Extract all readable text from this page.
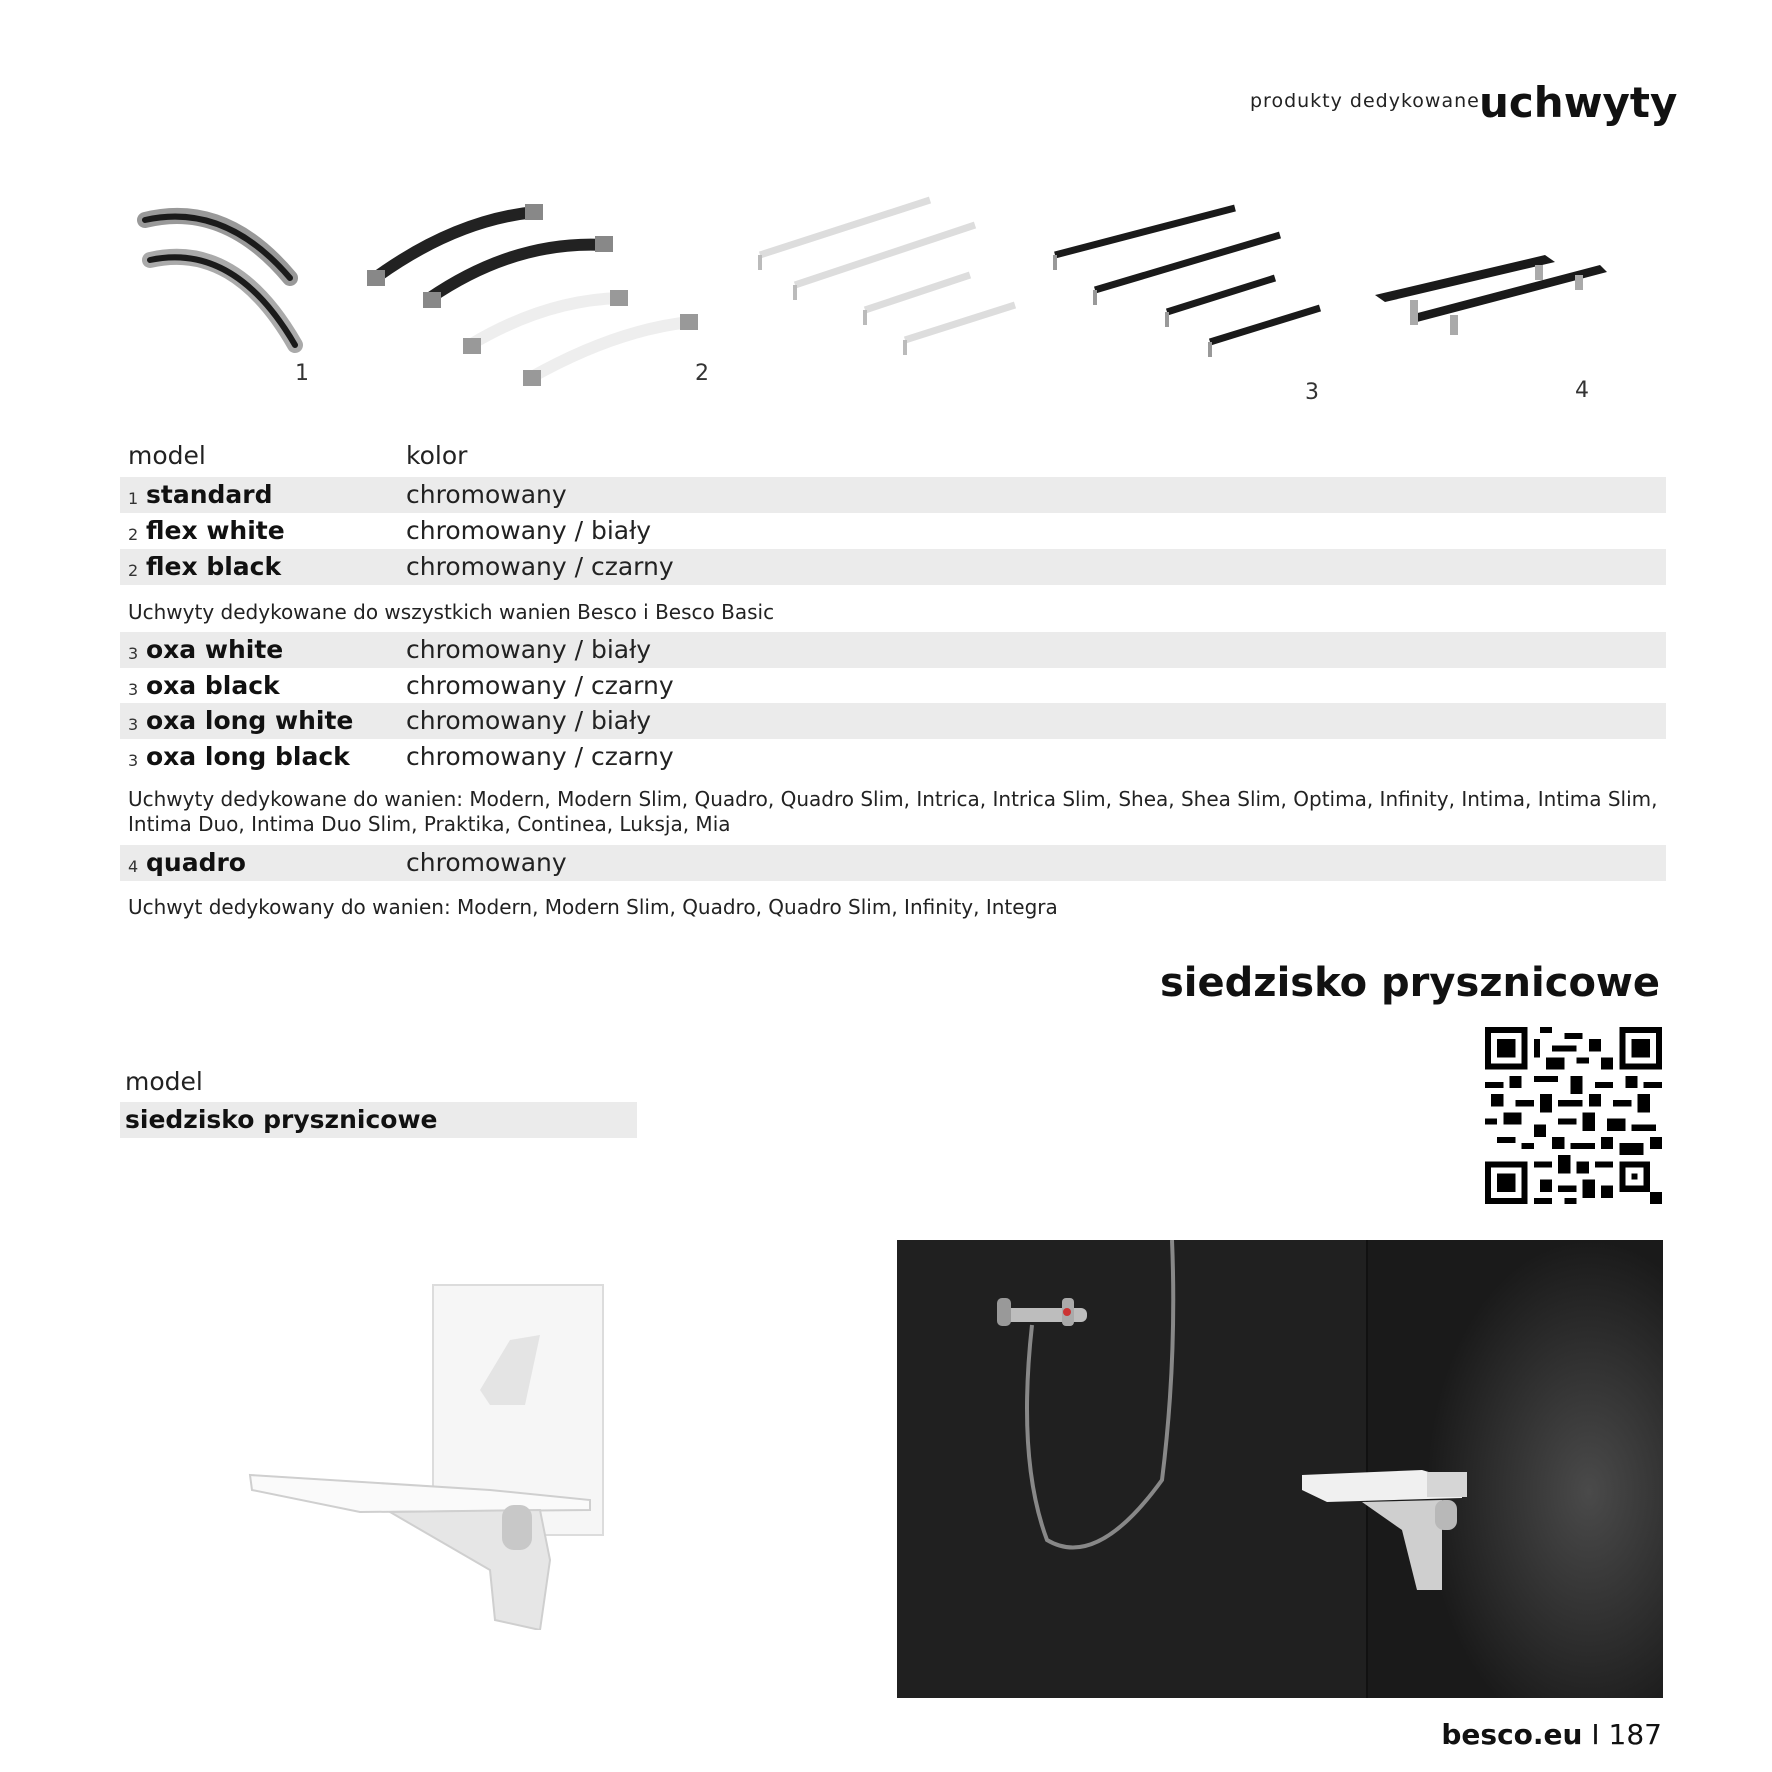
produkty dedykowane uchwyty
1	2
3	4
model	kolor
1 standard	chromowany
2 flex white	chromowany / biały
2 flex black	chromowany / czarny
Uchwyty dedykowane do wszystkich wanien Besco i Besco Basic
3 oxa white	chromowany / biały
3 oxa black	chromowany / czarny
3 oxa long white chromowany / biały
3 oxa long black chromowany / czarny
Uchwyty dedykowane do wanien: Modern, Modern Slim, Quadro, Quadro Slim, Intrica, Intrica Slim, Shea, Shea Slim, Optima, Infinity, Intima, Intima Slim, Intima Duo, Intima Duo Slim, Praktika, Continea, Luksja, Mia
4 quadro	chromowany
Uchwyt dedykowany do wanien: Modern, Modern Slim, Quadro, Quadro Slim, Infinity, Integra
siedzisko prysznicowe
model
siedzisko prysznicowe
besco.eu I 187
